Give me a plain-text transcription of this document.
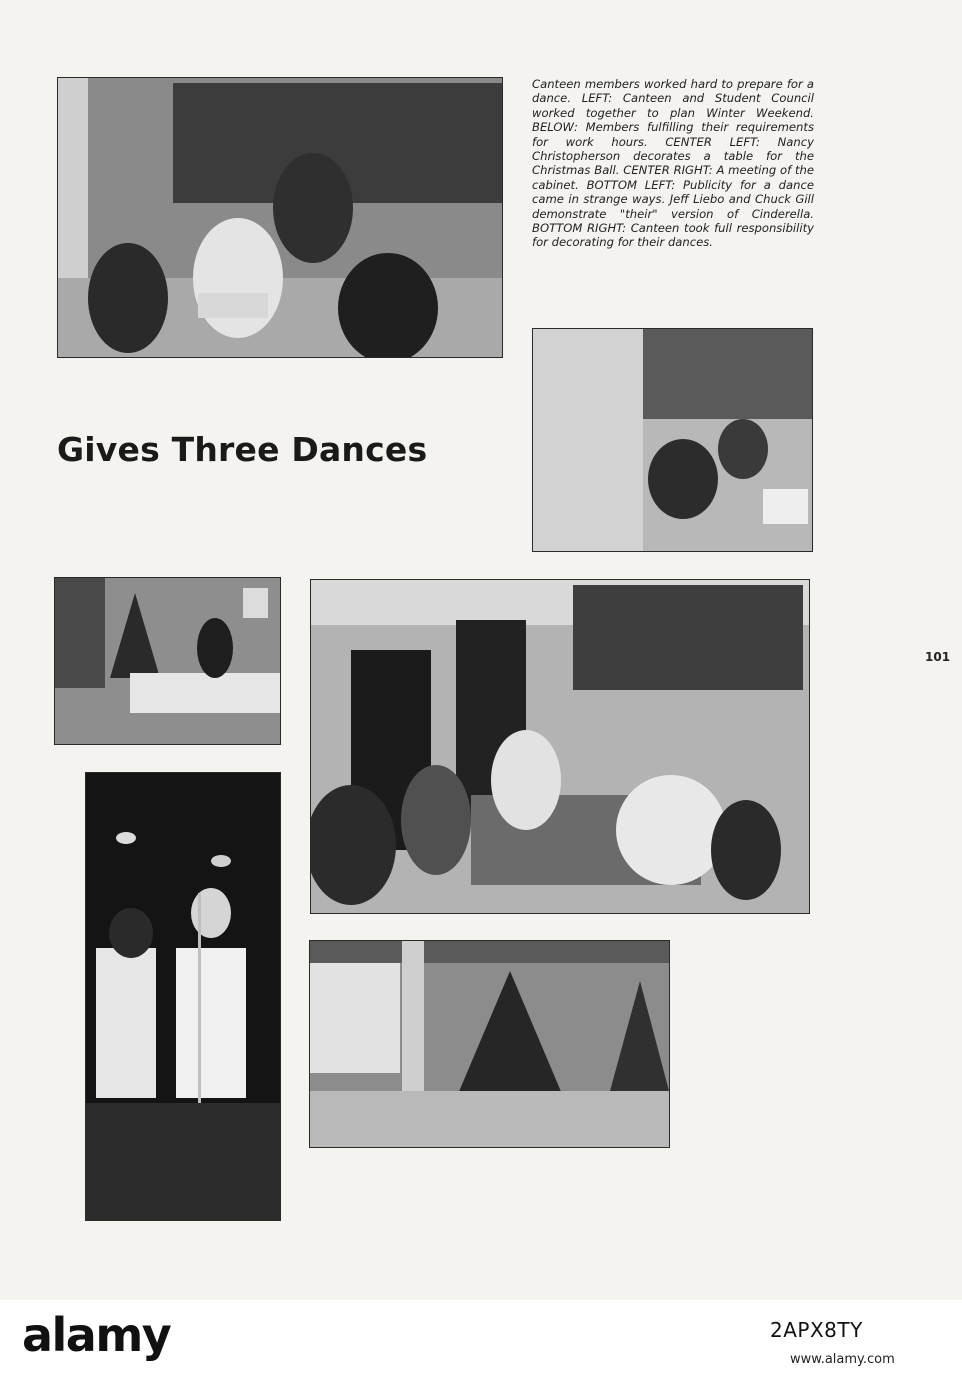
Canteen members worked hard to prepare for a dance. LEFT: Canteen and Student Council worked together to plan Winter Weekend. BELOW: Members fulfilling their requirements for work hours. CENTER LEFT: Nancy Christopherson decorates a table for the Christmas Ball. CENTER RIGHT: A meeting of the cabinet. BOTTOM LEFT: Publicity for a dance came in strange ways. Jeff Liebo and Chuck Gill demonstrate "their" version of Cinderella. BOTTOM RIGHT: Canteen took full responsibility for decorating for their dances.
Gives Three Dances
101
alamy	2APX8TY
www.alamy.com
